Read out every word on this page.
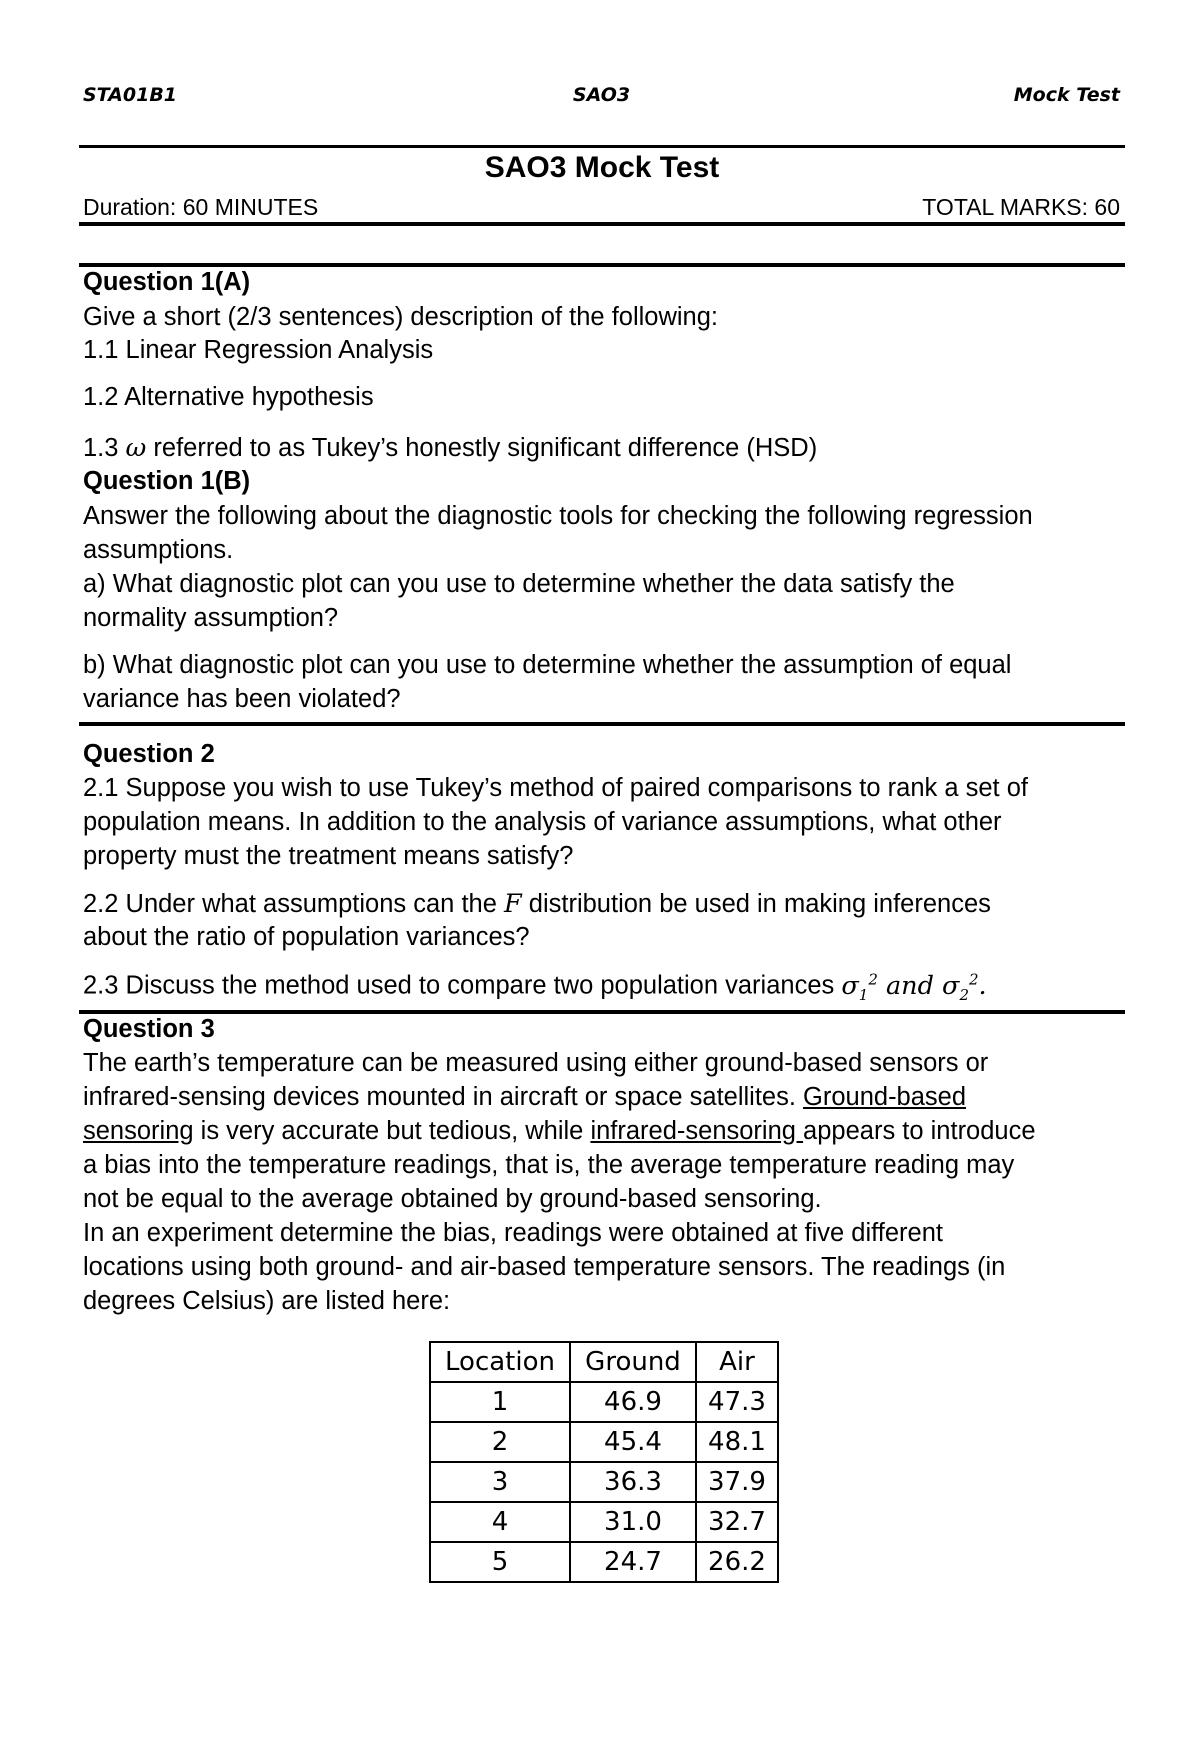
STA01B1	SAO3	Mock Test
SAO3 Mock Test
Duration: 60 MINUTES	TOTAL MARKS: 60
Question 1(A)
Give a short (2/3 sentences) description of the following:
1.1 Linear Regression Analysis
1.2 Alternative hypothesis
1.3 ω referred to as Tukey’s honestly significant difference (HSD)
Question 1(B)
Answer the following about the diagnostic tools for checking the following regression
assumptions.
a) What diagnostic plot can you use to determine whether the data satisfy the
normality assumption?
b) What diagnostic plot can you use to determine whether the assumption of equal
variance has been violated?
Question 2
2.1 Suppose you wish to use Tukey’s method of paired comparisons to rank a set of
population means. In addition to the analysis of variance assumptions, what other
property must the treatment means satisfy?
2.2 Under what assumptions can the F distribution be used in making inferences
about the ratio of population variances?
2.3 Discuss the method used to compare two population variances $\sigma_1^2$ and $\sigma_2^2$.
Question 3
The earth’s temperature can be measured using either ground-based sensors or
infrared-sensing devices mounted in aircraft or space satellites. Ground-based
sensoring is very accurate but tedious, while infrared-sensoring appears to introduce
a bias into the temperature readings, that is, the average temperature reading may
not be equal to the average obtained by ground-based sensoring.
In an experiment determine the bias, readings were obtained at five different
locations using both ground- and air-based temperature sensors. The readings (in
degrees Celsius) are listed here:
Location	Ground	Air
1	46.9	47.3
2	45.4	48.1
3	36.3	37.9
4	31.0	32.7
5	24.7	26.2
